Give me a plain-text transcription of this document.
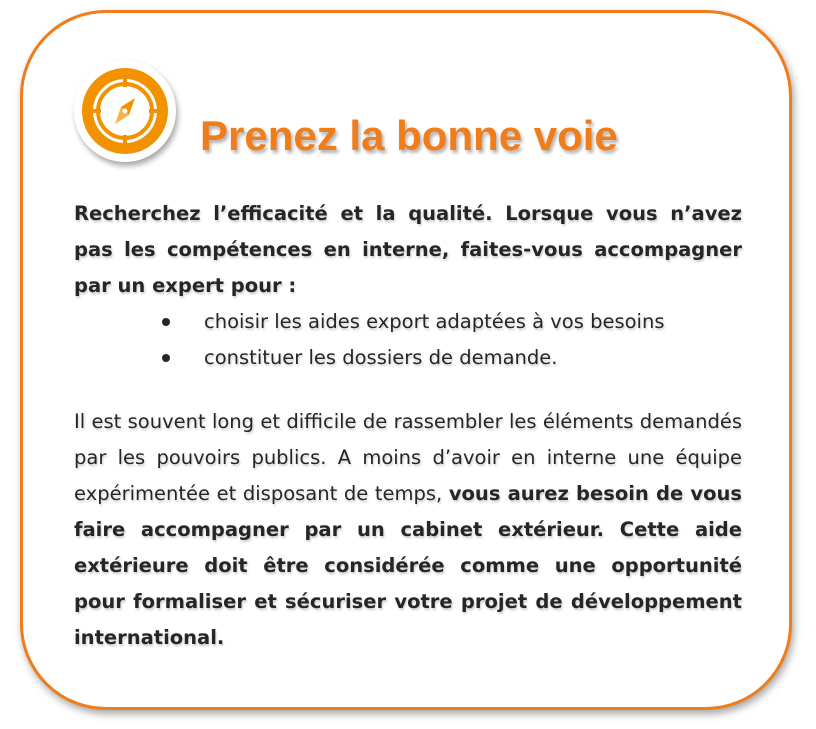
Prenez la bonne voie

Recherchez l’efficacité et la qualité. Lorsque vous n’avez pas les compétences en interne, faites-vous accompagner par un expert pour :

choisir les aides export adaptées à vos besoins
constituer les dossiers de demande.

Il est souvent long et difficile de rassembler les éléments demandés par les pouvoirs publics. A moins d’avoir en interne une équipe expérimentée et disposant de temps, vous aurez besoin de vous faire accompagner par un cabinet extérieur. Cette aide extérieure doit être considérée comme une opportunité pour formaliser et sécuriser votre projet de développement international.
